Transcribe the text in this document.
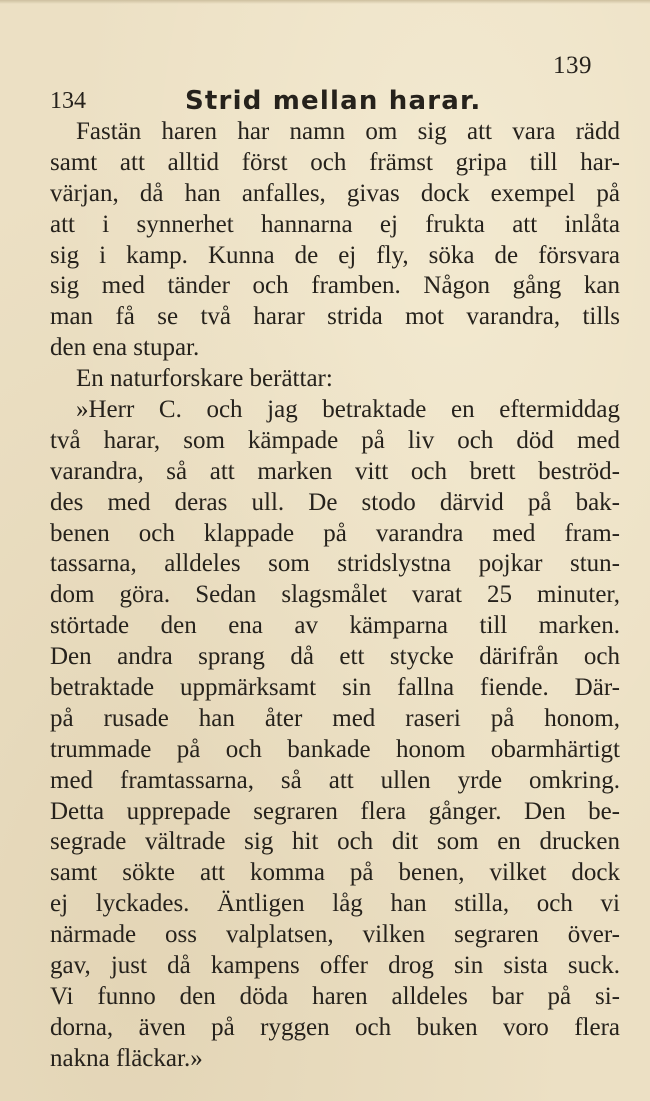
139
134	Strid mellan harar.
Fastän haren har namn om sig att vara rädd
samt att alltid först och främst gripa till har-
värjan, då han anfalles, givas dock exempel på
att i synnerhet hannarna ej frukta att inlåta
sig i kamp. Kunna de ej fly, söka de försvara
sig med tänder och framben. Någon gång kan
man få se två harar strida mot varandra, tills
den ena stupar.
En naturforskare berättar:
»Herr C. och jag betraktade en eftermiddag
två harar, som kämpade på liv och död med
varandra, så att marken vitt och brett beströd-
des med deras ull. De stodo därvid på bak-
benen och klappade på varandra med fram-
tassarna, alldeles som stridslystna pojkar stun-
dom göra. Sedan slagsmålet varat 25 minuter,
störtade den ena av kämparna till marken.
Den andra sprang då ett stycke därifrån och
betraktade uppmärksamt sin fallna fiende. Där-
på rusade han åter med raseri på honom,
trummade på och bankade honom obarmhärtigt
med framtassarna, så att ullen yrde omkring.
Detta upprepade segraren flera gånger. Den be-
segrade vältrade sig hit och dit som en drucken
samt sökte att komma på benen, vilket dock
ej lyckades. Äntligen låg han stilla, och vi
närmade oss valplatsen, vilken segraren över-
gav, just då kampens offer drog sin sista suck.
Vi funno den döda haren alldeles bar på si-
dorna, även på ryggen och buken voro flera
nakna fläckar.»
